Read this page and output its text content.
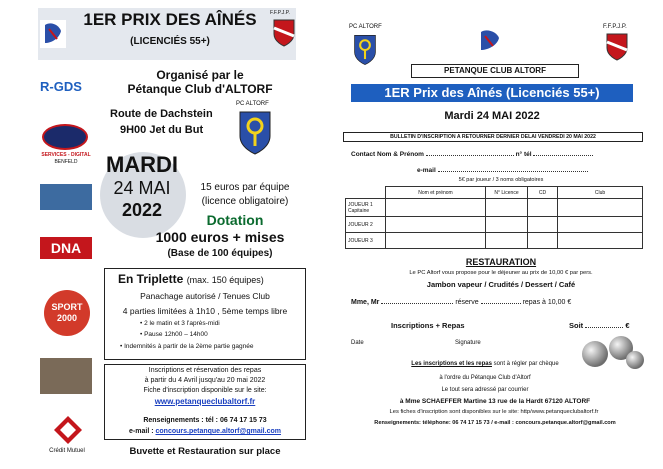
1ER PRIX DES AÎNÉS
(LICENCIÉS 55+)
F.F.P.J.P.
Organisé par le
Pétanque Club d'ALTORF
Route de Dachstein
9H00 Jet du But
PC ALTORF
MARDI
24 MAI
2022
15 euros par équipe
(licence obligatoire)
Dotation
1000 euros + mises
(Base de 100 équipes)
En Triplette (max. 150 équipes)
Panachage autorisé / Tenues Club
4 parties limitées à 1h10 , 5ème temps libre
• 2 le matin et 3 l'après-midi
• Pause 12h00 – 14h00
• Indemnités à partir de la 2ème partie gagnée
Inscriptions et réservation des repas
à partir du 4 Avril jusqu'au 20 mai 2022
Fiche d'inscription disponible sur le site:
www.petanqueclubaltorf.fr
Renseignements : tél : 06 74 17 15 73
e-mail : concours.petanque.altorf@gmail.com
Buvette et Restauration sur place
R-GDS
SERVICES - DIGITAL
BENFELD
DNA
SPORT
2000
Crédit Mutuel
PC ALTORF	F.F.P.J.P.
PETANQUE CLUB ALTORF
1ER Prix des Aînés (Licenciés 55+)
Mardi 24 MAI 2022
BULLETIN D'INSCRIPTION A RETOURNER DERNIER DELAI VENDREDI 20 MAI 2022
Contact Nom & Prénom	n° tél
e-mail
5€ par joueur / 3 noms obligatoires
	Nom et prénom	N° Licence	CD	Club
JOUEUR 1 Capitaine				
JOUEUR 2				
JOUEUR 3				
RESTAURATION
Le PC Altorf vous propose pour le déjeuner au prix de 10,00 € par pers.
Jambon vapeur / Crudités / Dessert / Café
Mme, Mr	réserve	repas à 10,00 €
Inscriptions + Repas	Soit	€
Date	Signature
Les inscriptions et les repas sont à régler par chèque
à l'ordre du Pétanque Club d'Altorf
Le tout sera adressé par courrier
à Mme SCHAEFFER Martine 13 rue de la Hardt 67120 ALTORF
Les fiches d'inscription sont disponibles sur le site: http/www.petanqueclubaltorf.fr
Renseignements: téléphone: 06 74 17 15 73 / e-mail : concours.petanque.altorf@gmail.com
